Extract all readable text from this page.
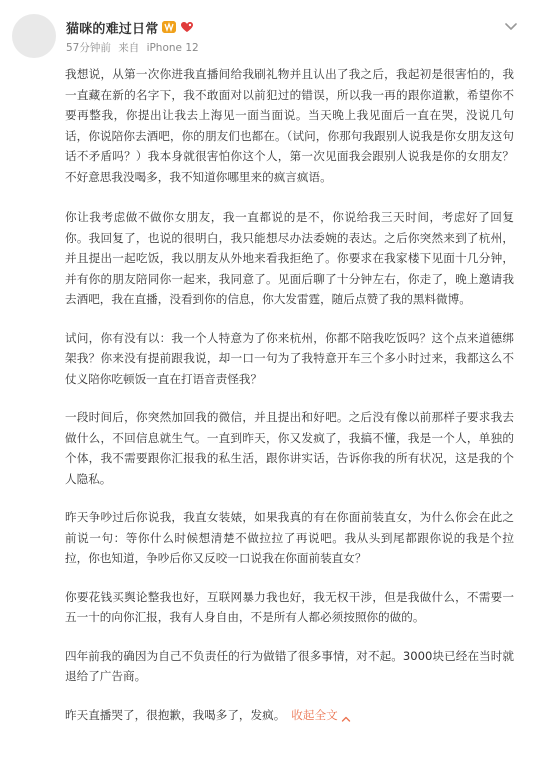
猫咪的难过日常
57分钟前 来自 iPhone 12

我想说，从第一次你进我直播间给我刷礼物并且认出了我之后，我起初是很害怕的，我一直藏在新的名字下，我不敢面对以前犯过的错误，所以我一再的跟你道歉，希望你不要再整我，你提出让我去上海见一面当面说。当天晚上我见面后一直在哭，没说几句话，你说陪你去酒吧，你的朋友们也都在。（试问，你那句我跟别人说我是你女朋友这句话不矛盾吗？）我本身就很害怕你这个人，第一次见面我会跟别人说我是你的女朋友？不好意思我没喝多，我不知道你哪里来的疯言疯语。

你让我考虑做不做你女朋友，我一直都说的是不，你说给我三天时间，考虑好了回复你。我回复了，也说的很明白，我只能想尽办法委婉的表达。之后你突然来到了杭州，并且提出一起吃饭，我以朋友从外地来看我拒绝了。你要求在我家楼下见面十几分钟，并有你的朋友陪同你一起来，我同意了。见面后聊了十分钟左右，你走了，晚上邀请我去酒吧，我在直播，没看到你的信息，你大发雷霆，随后点赞了我的黑料微博。

试问，你有没有以：我一个人特意为了你来杭州，你都不陪我吃饭吗？这个点来道德绑架我？你来没有提前跟我说，却一口一句为了我特意开车三个多小时过来，我都这么不仗义陪你吃顿饭一直在打语音责怪我？

一段时间后，你突然加回我的微信，并且提出和好吧。之后没有像以前那样子要求我去做什么，不回信息就生气。一直到昨天，你又发疯了，我搞不懂，我是一个人，单独的个体，我不需要跟你汇报我的私生活，跟你讲实话，告诉你我的所有状况，这是我的个人隐私。

昨天争吵过后你说我，我直女装婊，如果我真的有在你面前装直女，为什么你会在此之前说一句：等你什么时候想清楚不做拉拉了再说吧。我从头到尾都跟你说的我是个拉拉，你也知道，争吵后你又反咬一口说我在你面前装直女？

你要花钱买舆论整我也好，互联网暴力我也好，我无权干涉，但是我做什么，不需要一五一十的向你汇报，我有人身自由，不是所有人都必须按照你的做的。

四年前我的确因为自己不负责任的行为做错了很多事情，对不起。3000块已经在当时就退给了广告商。

昨天直播哭了，很抱歉，我喝多了，发疯。 收起全文
